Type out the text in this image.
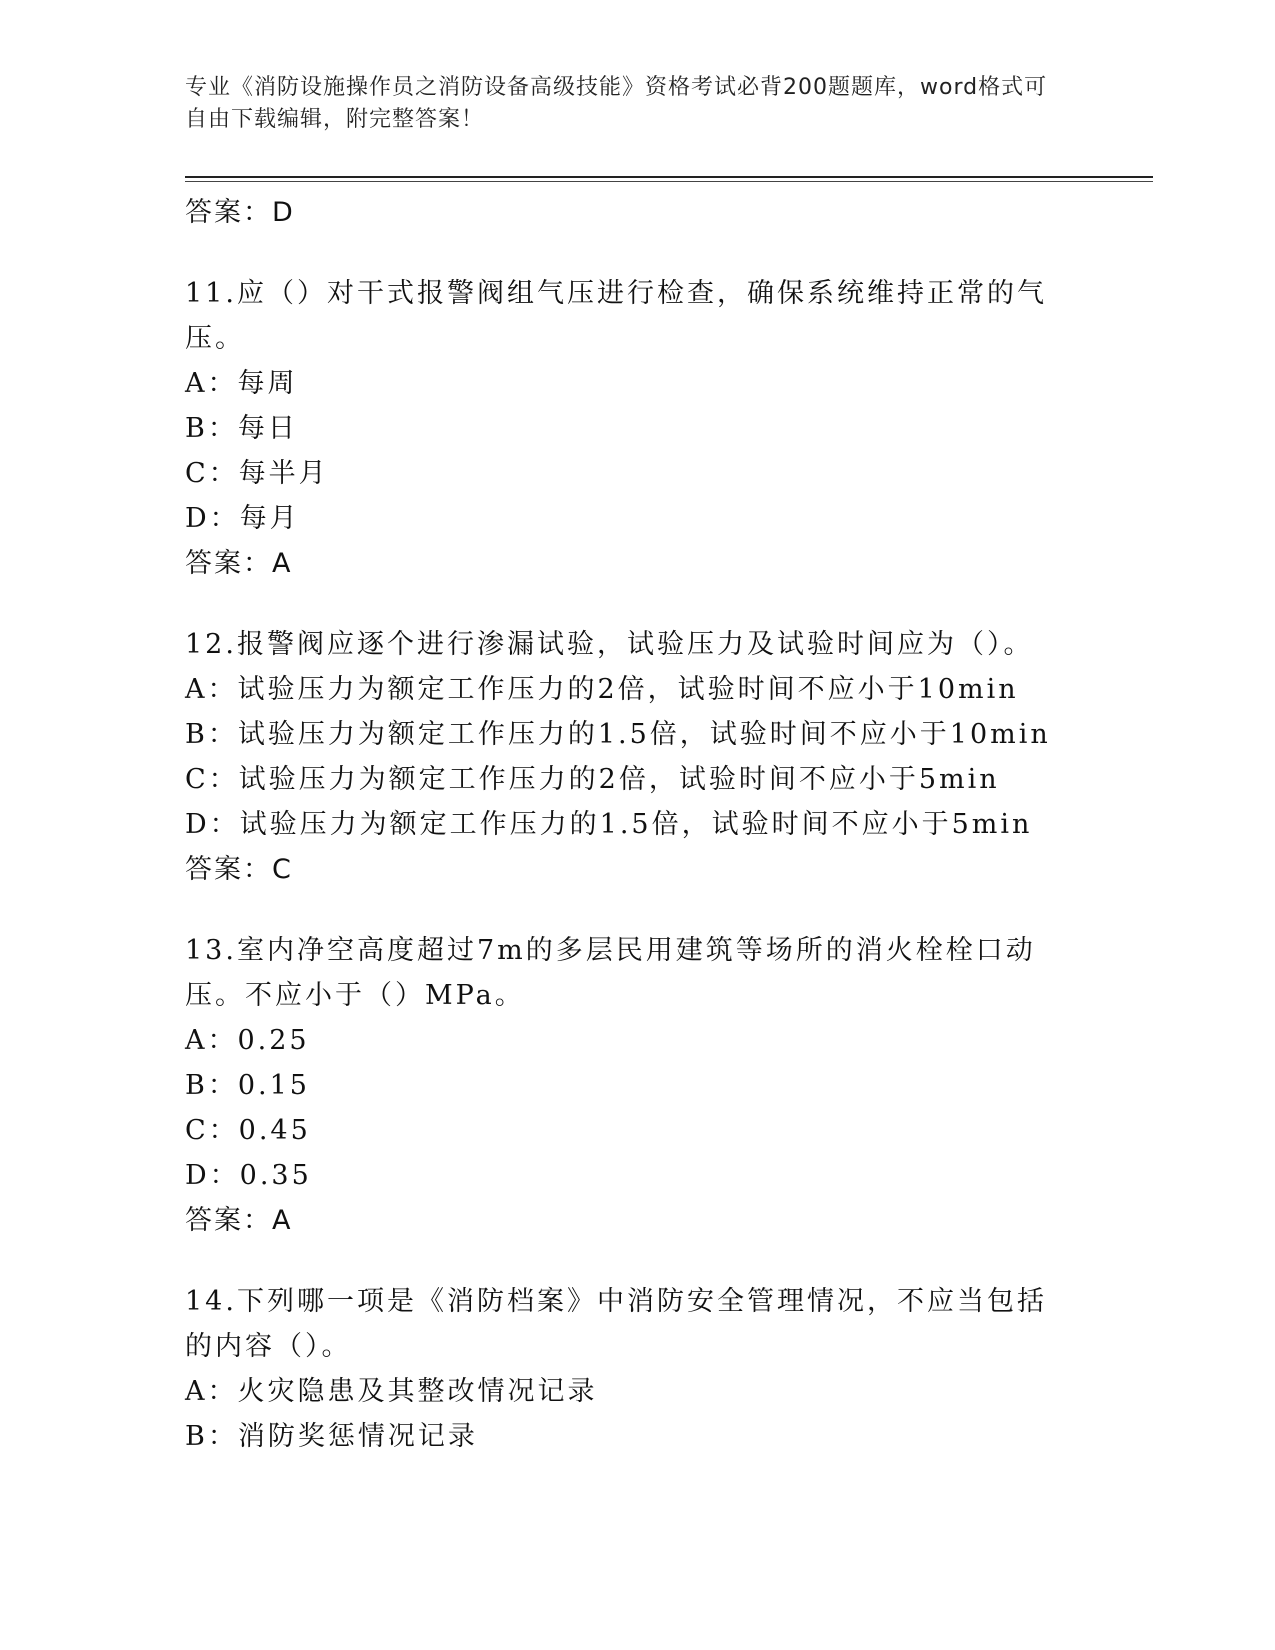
专业《消防设施操作员之消防设备高级技能》资格考试必背200题题库，word格式可自由下载编辑，附完整答案！
答案：D
11.应（）对干式报警阀组气压进行检查，确保系统维持正常的气压。
A：每周
B：每日
C：每半月
D：每月
答案：A
12.报警阀应逐个进行渗漏试验，试验压力及试验时间应为（）。
A：试验压力为额定工作压力的2倍，试验时间不应小于10min
B：试验压力为额定工作压力的1.5倍，试验时间不应小于10min
C：试验压力为额定工作压力的2倍，试验时间不应小于5min
D：试验压力为额定工作压力的1.5倍，试验时间不应小于5min
答案：C
13.室内净空高度超过7m的多层民用建筑等场所的消火栓栓口动压。不应小于（）MPa。
A：0.25
B：0.15
C：0.45
D：0.35
答案：A
14.下列哪一项是《消防档案》中消防安全管理情况，不应当包括的内容（）。
A：火灾隐患及其整改情况记录
B：消防奖惩情况记录
